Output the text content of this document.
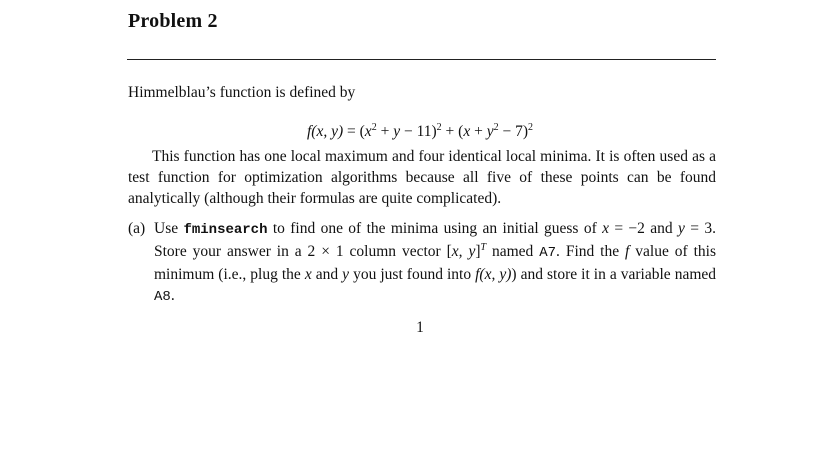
Problem 2
Himmelblau’s function is defined by
f(x, $y) = (x^2 + y - 11)^2 + (x + y^2 - 7)^2$
This function has one local maximum and four identical local minima. It is often used as a test function for optimization algorithms because all five of these points can be found analytically (although their formulas are quite complicated).
(a) Use fminsearch to find one of the minima using an initial guess of x = −2 and y = 3. Store your answer in a 2 × 1 column vector [x, y]$^T$ named A7. Find the f value of this minimum (i.e., plug the x and y you just found into f(x, y)) and store it in a variable named A8.
1
